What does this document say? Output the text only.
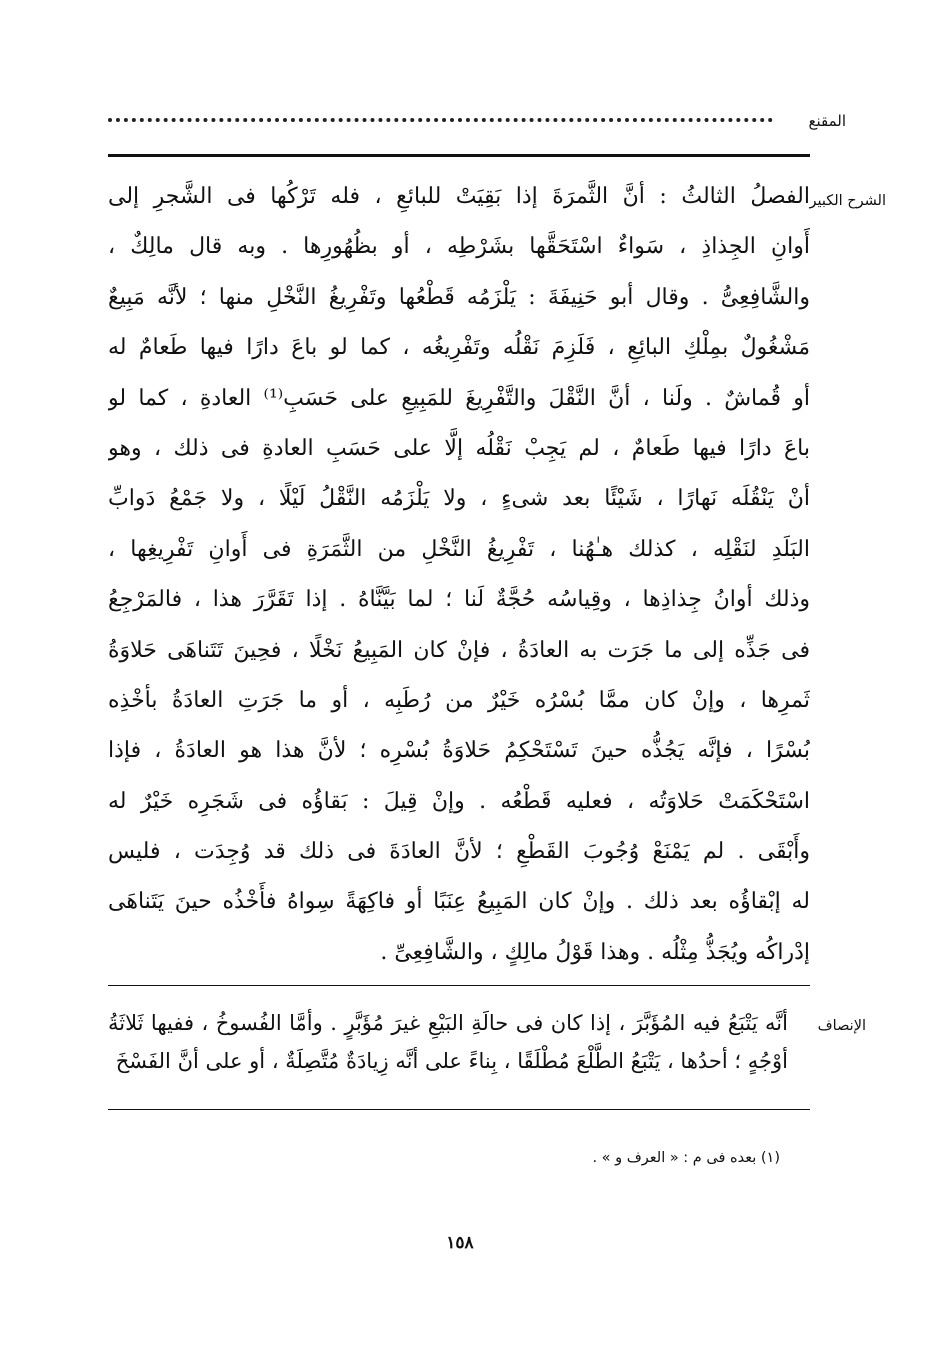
المقنع
الشرح الكبير
الفصلُ الثالثُ : أنَّ الثَّمرَةَ إذا بَقِيَتْ للبائعِ ، فله تَرْكُها فى الشَّجرِ إلى
أَوانِ الجِذاذِ ، سَواءٌ اسْتَحَقَّها بشَرْطِه ، أو بظُهُورِها . وبه قال مالِكٌ ،
والشَّافِعِىُّ . وقال أبو حَنِيفَةَ : يَلْزَمُه قَطْعُها وتَفْرِيغُ النَّخْلِ منها ؛ لأنَّه مَبِيعٌ
مَشْغُولٌ بمِلْكِ البائِعِ ، فَلَزِمَ نَقْلُه وتَفْرِيغُه ، كما لو باعَ دارًا فيها طَعامٌ له
أو قُماشٌ . ولَنا ، أنَّ النَّقْلَ والتَّفْرِيغَ للمَبِيعِ على حَسَبِ⁽¹⁾ العادةِ ، كما لو
باعَ دارًا فيها طَعامٌ ، لم يَجِبْ نَقْلُه إلَّا على حَسَبِ العادةِ فى ذلك ، وهو
أنْ يَنْقُلَه نَهارًا ، شَيْئًا بعد شىءٍ ، ولا يَلْزَمُه النَّقْلُ لَيْلًا ، ولا جَمْعُ دَوابِّ
البَلَدِ لنَقْلِه ، كذلك هـٰهُنا ، تَفْرِيغُ النَّخْلِ من الثَّمَرَةِ فى أَوانِ تَفْرِيغِها ،
وذلك أوانُ جِذاذِها ، وقِياسُه حُجَّةٌ لَنا ؛ لما بَيَّنَّاهُ . إذا تَقَرَّرَ هذا ، فالمَرْجِعُ
فى جَذِّه إلى ما جَرَت به العادَةُ ، فإنْ كان المَبِيعُ نَخْلًا ، فحِينَ تَتَناهَى حَلاوَةُ
ثَمرِها ، وإنْ كان ممَّا بُسْرُه خَيْرٌ من رُطَبِه ، أو ما جَرَتِ العادَةُ بأخْذِه
بُسْرًا ، فإنَّه يَجُذُّه حينَ تَسْتَحْكِمُ حَلاوَةُ بُسْرِه ؛ لأنَّ هذا هو العادَةُ ، فإذا
اسْتَحْكَمَتْ حَلاوَتُه ، فعليه قَطْعُه . وإنْ قِيلَ : بَقاؤُه فى شَجَرِه خَيْرٌ له
وأَبْقَى . لم يَمْنَعْ وُجُوبَ القَطْعِ ؛ لأنَّ العادَةَ فى ذلك قد وُجِدَت ، فليس
له إبْقاؤُه بعد ذلك . وإنْ كان المَبِيعُ عِنَبًا أو فاكِهَةً سِواهُ فأَخْذُه حينَ يَتَناهَى
إدْراكُه ويُجَذُّ مِثْلُه . وهذا قَوْلُ مالِكٍ ، والشَّافِعِىِّ .
الإنصاف
أنَّه يَتْبَعُ فيه المُؤَبَّرَ ، إذا كان فى حالَةِ البَيْعِ غيرَ مُؤَبَّرٍ . وأمَّا الفُسوخُ ، ففيها ثَلاثَةُ
أوْجُهٍ ؛ أحدُها ، يَتْبَعُ الطَّلْعَ مُطْلَقًا ، بِناءً على أنَّه زِيادَةٌ مُتَّصِلَةٌ ، أو على أنَّ الفَسْخَ
(١) بعده فى م : « العرف و » .
١٥٨
